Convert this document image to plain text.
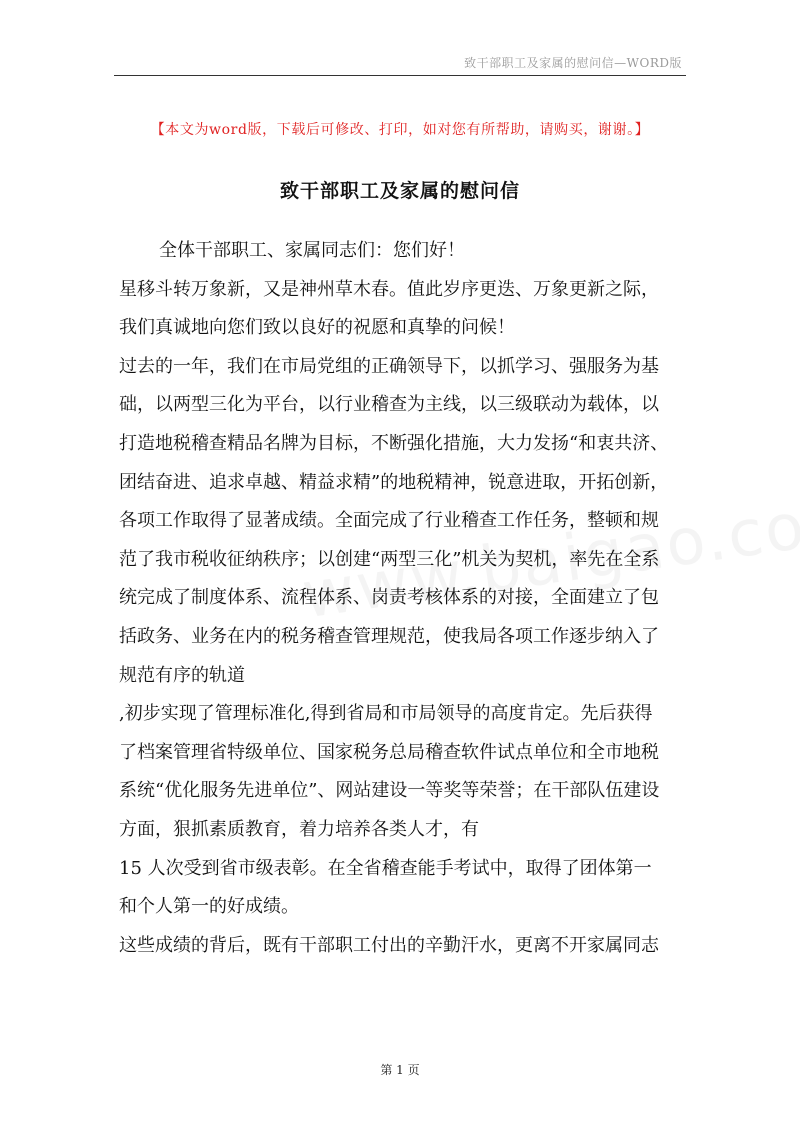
致干部职工及家属的慰问信—WORD版
【本文为word版，下载后可修改、打印，如对您有所帮助，请购买，谢谢。】
致干部职工及家属的慰问信
全体干部职工、家属同志们：您们好！
星移斗转万象新，又是神州草木春。值此岁序更迭、万象更新之际，
我们真诚地向您们致以良好的祝愿和真挚的问候！
过去的一年，我们在市局党组的正确领导下，以抓学习、强服务为基
础，以两型三化为平台，以行业稽查为主线，以三级联动为载体，以
打造地税稽查精品名牌为目标，不断强化措施，大力发扬“和衷共济、
团结奋进、追求卓越、精益求精”的地税精神，锐意进取，开拓创新，
各项工作取得了显著成绩。全面完成了行业稽查工作任务，整顿和规
范了我市税收征纳秩序；以创建“两型三化”机关为契机，率先在全系
统完成了制度体系、流程体系、岗责考核体系的对接，全面建立了包
括政务、业务在内的税务稽查管理规范，使我局各项工作逐步纳入了
规范有序的轨道
,初步实现了管理标准化,得到省局和市局领导的高度肯定。先后获得
了档案管理省特级单位、国家税务总局稽查软件试点单位和全市地税
系统“优化服务先进单位”、网站建设一等奖等荣誉；在干部队伍建设
方面，狠抓素质教育，着力培养各类人才，有
15 人次受到省市级表彰。在全省稽查能手考试中，取得了团体第一
和个人第一的好成绩。
这些成绩的背后，既有干部职工付出的辛勤汗水，更离不开家属同志
第 1 页
